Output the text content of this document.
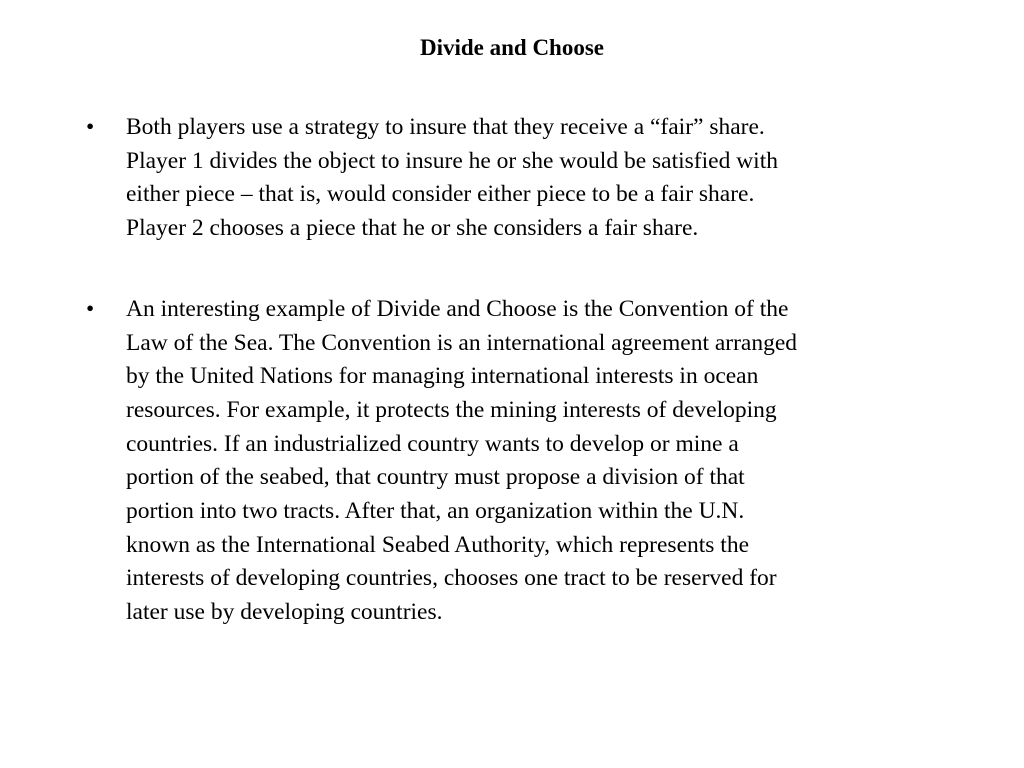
Divide and Choose
• Both players use a strategy to insure that they receive a “fair” share.
Player 1 divides the object to insure he or she would be satisfied with
either piece – that is, would consider either piece to be a fair share.
Player 2 chooses a piece that he or she considers a fair share.
• An interesting example of Divide and Choose is the Convention of the
Law of the Sea. The Convention is an international agreement arranged
by the United Nations for managing international interests in ocean
resources. For example, it protects the mining interests of developing
countries. If an industrialized country wants to develop or mine a
portion of the seabed, that country must propose a division of that
portion into two tracts. After that, an organization within the U.N.
known as the International Seabed Authority, which represents the
interests of developing countries, chooses one tract to be reserved for
later use by developing countries.
